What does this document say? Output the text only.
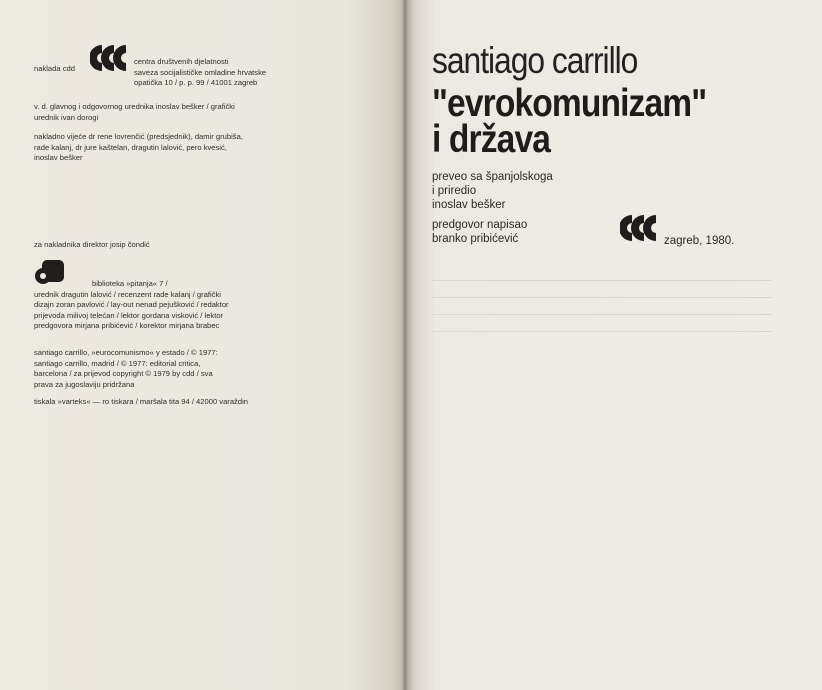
naklada cdd
centra društvenih djelatnosti
saveza socijalističke omladine hrvatske
opatička 10 / p. p. 99 / 41001 zagreb
v. d. glavnog i odgovornog urednika inoslav bešker / grafički
urednik ivan dorogi
nakladno vijeće dr rene lovrenčić (predsjednik), damir grubiša,
rade kalanj, dr jure kaštelan, dragutin lalović, pero kvesić,
inoslav bešker
za nakladnika direktor josip čondić
biblioteka »pitanja« 7 /
urednik dragutin lalović / recenzent rade kalanj / grafički
dizajn zoran pavlović / lay-out nenad pejušković / redaktor
prijevoda milivoj telećan / lektor gordana visković / lektor
predgovora mirjana pribićević / korektor mirjana brabec
santiago carrillo, »eurocomunismo« y estado / © 1977:
santiago carrillo, madrid / © 1977: editorial critica,
barcelona / za prijevod copyright © 1979 by cdd / sva
prava za jugoslaviju pridržana
tiskala »varteks« — ro tiskara / maršala tita 94 / 42000 varaždin
santiago carrillo
"evrokomunizam"
i država
preveo sa španjolskoga
i priredio
inoslav bešker
predgovor napisao
branko pribićević	zagreb, 1980.
